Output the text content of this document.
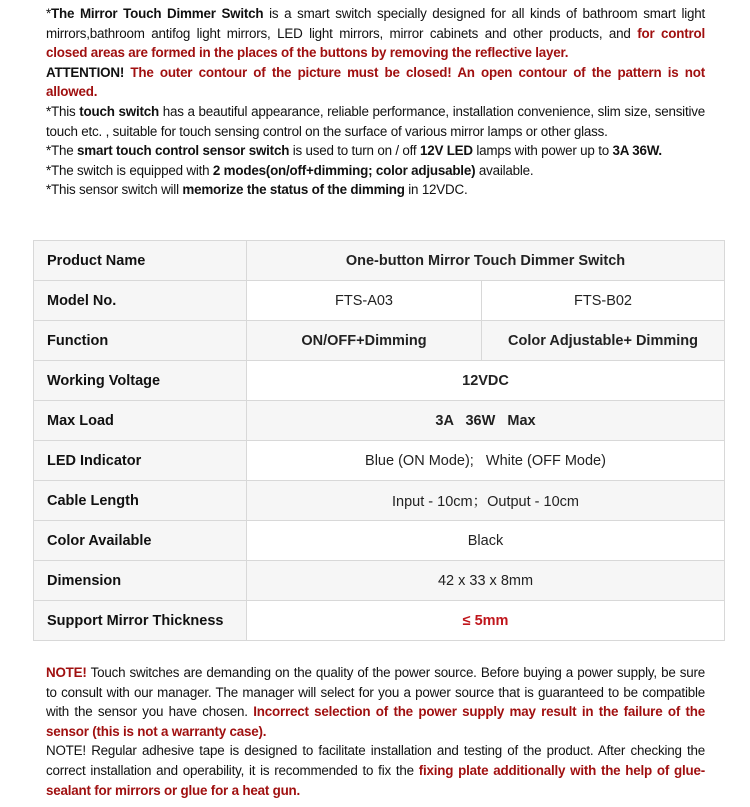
*The Mirror Touch Dimmer Switch is a smart switch specially designed for all kinds of bathroom smart light mirrors,bathroom antifog light mirrors, LED light mirrors, mirror cabinets and other products, and for control closed areas are formed in the places of the buttons by removing the reflective layer.
ATTENTION! The outer contour of the picture must be closed! An open contour of the pattern is not allowed.
*This touch switch has a beautiful appearance, reliable performance, installation convenience, slim size, sensitive touch etc. , suitable for touch sensing control on the surface of various mirror lamps or other glass.
*The smart touch control sensor switch is used to turn on / off 12V LED lamps with power up to 3A 36W.
*The switch is equipped with 2 modes(on/off+dimming; color adjusable) available.
*This sensor switch will memorize the status of the dimming in 12VDC.
Product Name	One-button Mirror Touch Dimmer Switch	
Model No.	FTS-A03	FTS-B02
Function	ON/OFF+Dimming	Color Adjustable+ Dimming
Working Voltage	12VDC	
Max Load	3A   36W   Max	
LED Indicator	Blue (ON Mode);   White (OFF Mode)	
Cable Length	Input - 10cm；Output - 10cm	
Color Available	Black	
Dimension	42 x 33 x 8mm	
Support Mirror Thickness	≤ 5mm	
NOTE! Touch switches are demanding on the quality of the power source. Before buying a power supply, be sure to consult with our manager. The manager will select for you a power source that is guaranteed to be compatible with the sensor you have chosen. Incorrect selection of the power supply may result in the failure of the sensor (this is not a warranty case).
NOTE! Regular adhesive tape is designed to facilitate installation and testing of the product. After checking the correct installation and operability, it is recommended to fix the fixing plate additionally with the help of glue-sealant for mirrors or glue for a heat gun.
